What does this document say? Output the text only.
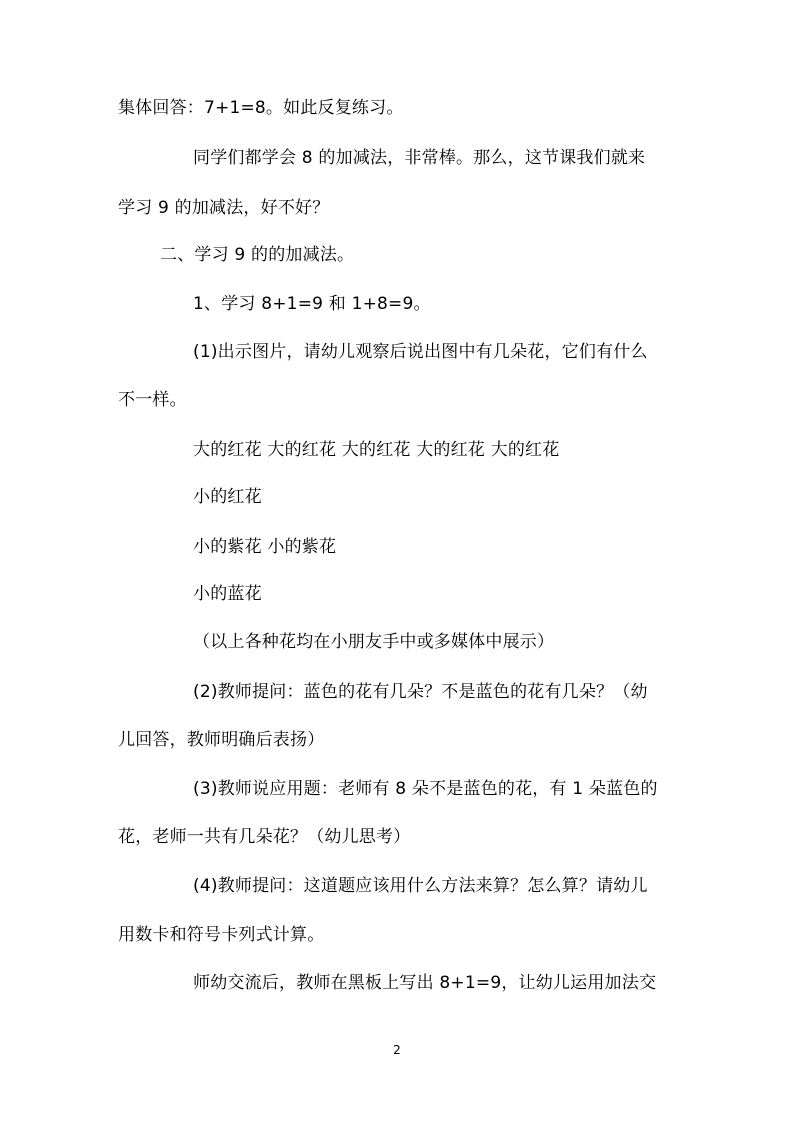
集体回答：7+1=8。如此反复练习。
同学们都学会 8 的加减法，非常棒。那么，这节课我们就来
学习 9 的加减法，好不好？
二、学习 9 的的加减法。
1、学习 8+1=9 和 1+8=9。
(1)出示图片，请幼儿观察后说出图中有几朵花，它们有什么
不一样。
大的红花 大的红花 大的红花 大的红花 大的红花
小的红花
小的紫花 小的紫花
小的蓝花
（以上各种花均在小朋友手中或多媒体中展示）
(2)教师提问：蓝色的花有几朵？不是蓝色的花有几朵？（幼
儿回答，教师明确后表扬）
(3)教师说应用题：老师有 8 朵不是蓝色的花，有 1 朵蓝色的
花，老师一共有几朵花？（幼儿思考）
(4)教师提问：这道题应该用什么方法来算？怎么算？请幼儿
用数卡和符号卡列式计算。
师幼交流后，教师在黑板上写出 8+1=9，让幼儿运用加法交
2
